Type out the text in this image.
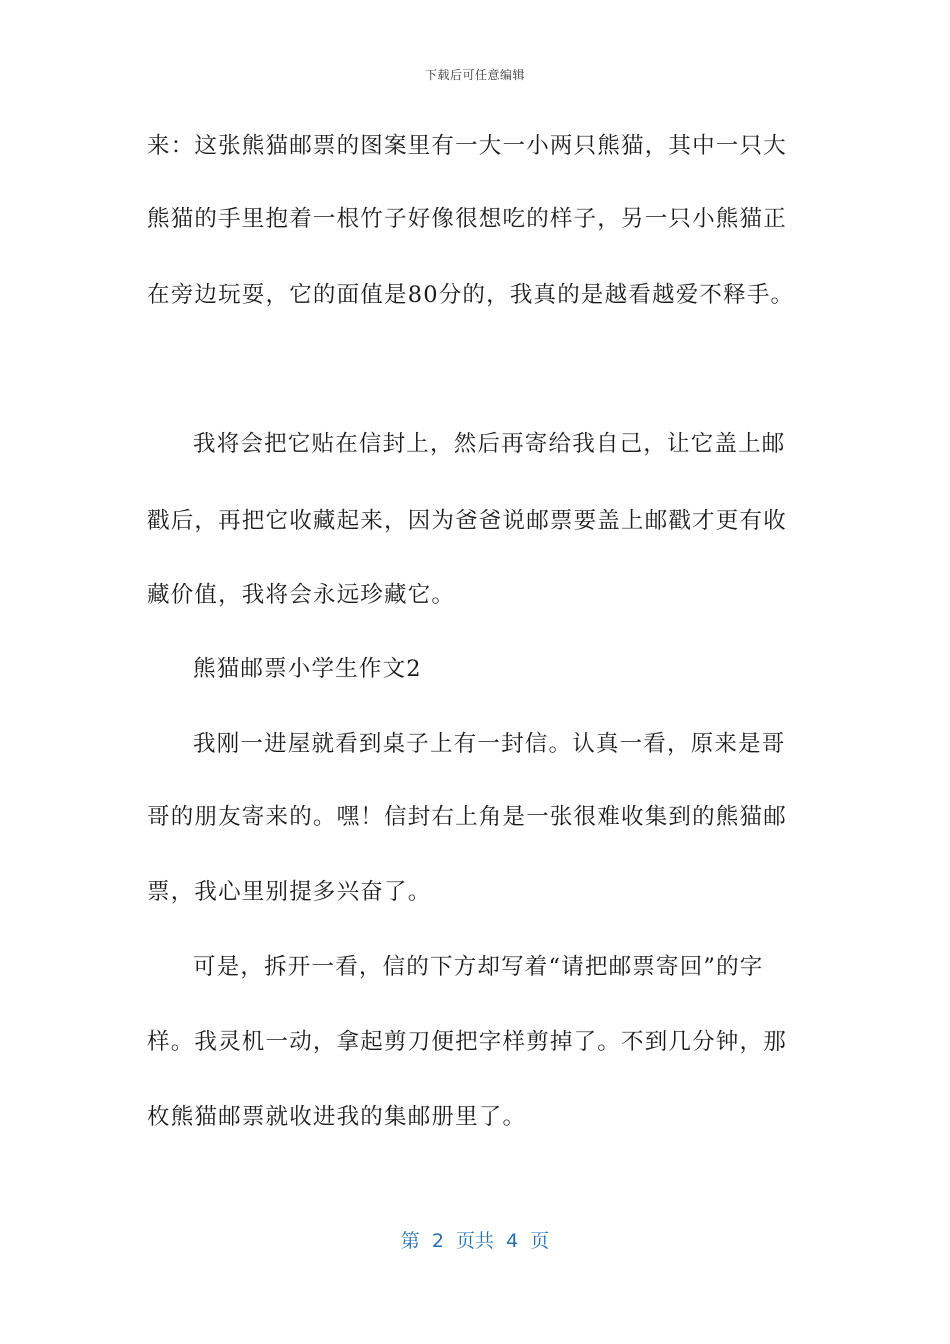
下载后可任意编辑
来：这张熊猫邮票的图案里有一大一小两只熊猫，其中一只大
熊猫的手里抱着一根竹子好像很想吃的样子，另一只小熊猫正
在旁边玩耍，它的面值是80分的，我真的是越看越爱不释手。
我将会把它贴在信封上，然后再寄给我自己，让它盖上邮
戳后，再把它收藏起来，因为爸爸说邮票要盖上邮戳才更有收
藏价值，我将会永远珍藏它。
熊猫邮票小学生作文2
我刚一进屋就看到桌子上有一封信。认真一看，原来是哥
哥的朋友寄来的。嘿！信封右上角是一张很难收集到的熊猫邮
票，我心里别提多兴奋了。
可是，拆开一看，信的下方却写着“请把邮票寄回”的字
样。我灵机一动，拿起剪刀便把字样剪掉了。不到几分钟，那
枚熊猫邮票就收进我的集邮册里了。
第  2  页共  4  页
